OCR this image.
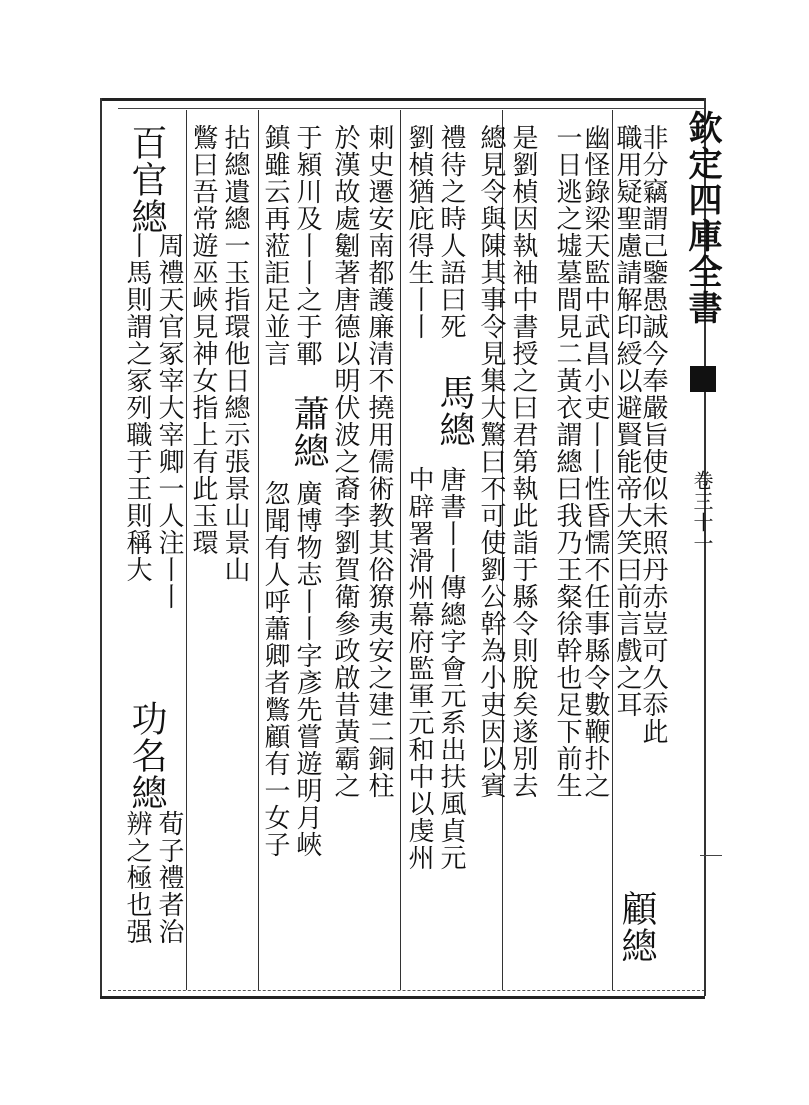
欽定四庫全書
卷三十一
非分竊謂己鑒愚誠今奉嚴旨使似未照丹赤豈可久忝此
職用疑聖慮請解印綬以避賢能帝大笑曰前言戲之耳
顧總
幽怪錄梁天監中武昌小吏丨丨性昏懦不任事縣令數鞭扑之
一日逃之墟墓間見二黃衣謂總曰我乃王粲徐幹也足下前生
是劉楨因執袖中書授之曰君第執此詣于縣令則脫矣遂別去
總見令與陳其事令見集大驚曰不可使劉公幹為小吏因以賓
禮待之時人語曰死
馬總
唐書丨丨傳總字會元系出扶風貞元
劉楨猶庇得生丨丨
中辟署滑州幕府監軍元和中以虔州
刺史遷安南都護廉清不撓用儒術教其俗獠夷安之建二銅柱
於漢故處劖著唐德以明伏波之裔李劉賀衛參政啟昔黃霸之
于潁川及丨丨之于鄆
蕭總
廣博物志丨丨字彥先嘗遊明月峽
鎮雖云再蒞詎足並言
忽聞有人呼蕭卿者鷩顧有一女子
拈總遺總一玉指環他日總示張景山景山
鷩曰吾常遊巫峽見神女指上有此玉環
百官總
周禮天官冢宰大宰卿一人注丨丨
丨馬則謂之冢列職于王則稱大
功名總
荀子禮者治
辨之極也强
